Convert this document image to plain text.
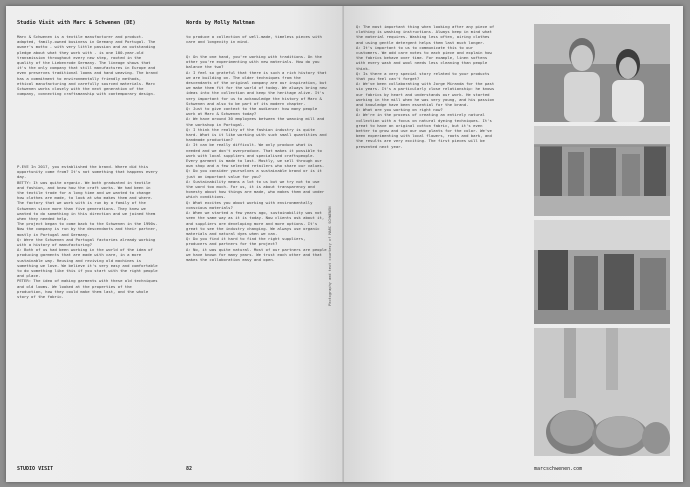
Studio Visit with Marc & Schwenen (DE)	Words by Molly Maltman
Marc & Schwenen is a textile manufacturer and product-adapted, family-owned business in Germany and Portugal. The owner's motto - with very little passion and an outstanding pledge about what they work with - is one 100-year-old transmission throughout every new step, rooted in the quality of the Liebenrode Germany. The lineage shows that it's the only company that still manufactures in Europe and even preserves traditional looms and hand weaving. The brand has a commitment to environmentally friendly methods, ethical manufacturing and carefully sourced materials. Marc Schwenen works closely with the next generation of the company, connecting craftsmanship with contemporary design.
P.EVE In 2017, you established the brand. Where did this opportunity come from? It's not something that happens every day.
BETTY: It was quite organic. We both graduated in textile and fashion, and knew how the craft works. We had been in the textile trade for a long time and we wanted to change how clothes are made, to look at who makes them and where. The factory that we work with is run by a family of the Schwenen since more than five generations. They knew we wanted to do something in this direction and we joined them when they needed help.
The project began to come back to the Schwenen in the 1990s. Now the company is run by the descendants and their partner, mostly in Portugal and Germany.
Q: Were the Schwenen and Portugal factories already working with a history of manufacturing?
A: Both of us had been working in the world of the idea of producing garments that are made with care, in a more sustainable way. Reusing and reviving old machines is something we love. We believe it's very easy and comfortable to do something like this if you start with the right people and place.
PETER: The idea of making garments with these old techniques and old looms. We looked at the properties of the production, how they could make them last, and the whole story of the fabric.
to produce a collection of well-made, timeless pieces with care and longevity in mind.
Q: On the one hand, you're working with traditions. On the other you're experimenting with new materials. How do you balance the two?
A: I feel so grateful that there is such a rich history that we are building on. The older techniques from the descendants of the original company are our inspiration, but we make them fit for the world of today. We always bring new ideas into the collection and keep the heritage alive. It's very important for us to acknowledge the history of Marc & Schwenen and also to be part of its modern chapter.
Q: Just to give context to the audience: how many people work at Marc & Schwenen today?
A: We have around 30 employees between the weaving mill and the workshop in Portugal.
Q: I think the reality of the fashion industry is quite hard. What is it like working with such small quantities and handmade production?
A: It can be really difficult. We only produce what is needed and we don't overproduce. That makes it possible to work with local suppliers and specialised craftspeople. Every garment is made to last. Mostly, we sell through our own shop and a few selected retailers who share our values.
Q: Do you consider yourselves a sustainable brand or is it just an important value for you?
A: Sustainability means a lot to us but we try not to use the word too much. For us, it is about transparency and honesty about how things are made, who makes them and under which conditions.
Q: What excites you about working with environmentally conscious materials?
A: When we started a few years ago, sustainability was not seen the same way as it is today. Now clients ask about it, and suppliers are developing more and more options. It's great to see the industry changing. We always use organic materials and natural dyes when we can.
Q: Do you find it hard to find the right suppliers, producers and partners for the project?
A: No, it was quite natural. Most of our partners are people we have known for many years. We trust each other and that makes the collaboration easy and open.
STUDIO VISIT	82
Photography and text courtesy of MARC SCHWENEN
Q: The most important thing when looking after any piece of clothing is washing instructions. Always keep in mind what the material requires. Washing less often, airing clothes and using gentle detergent helps them last much longer.
A: It's important to us to communicate this to our customers. We add care notes to each piece and explain how the fabrics behave over time. For example, linen softens with every wash and wool needs less cleaning than people think.
Q: Is there a very special story related to your products that you feel can't forget?
A: We've been collaborating with Jorge Miranda for the past six years. It's a particularly close relationship: he knows our fabrics by heart and understands our work. He started working in the mill when he was very young, and his passion and knowledge have been essential for the brand.
Q: What are you working on right now?
A: We're in the process of creating an entirely natural collection with a focus on natural dyeing techniques. It's great to have an original cotton fabric, but it's even better to grow and use our own plants for the color. We've been experimenting with local flowers, roots and bark, and the results are very exciting. The first pieces will be presented next year.
marcschwenen.com
